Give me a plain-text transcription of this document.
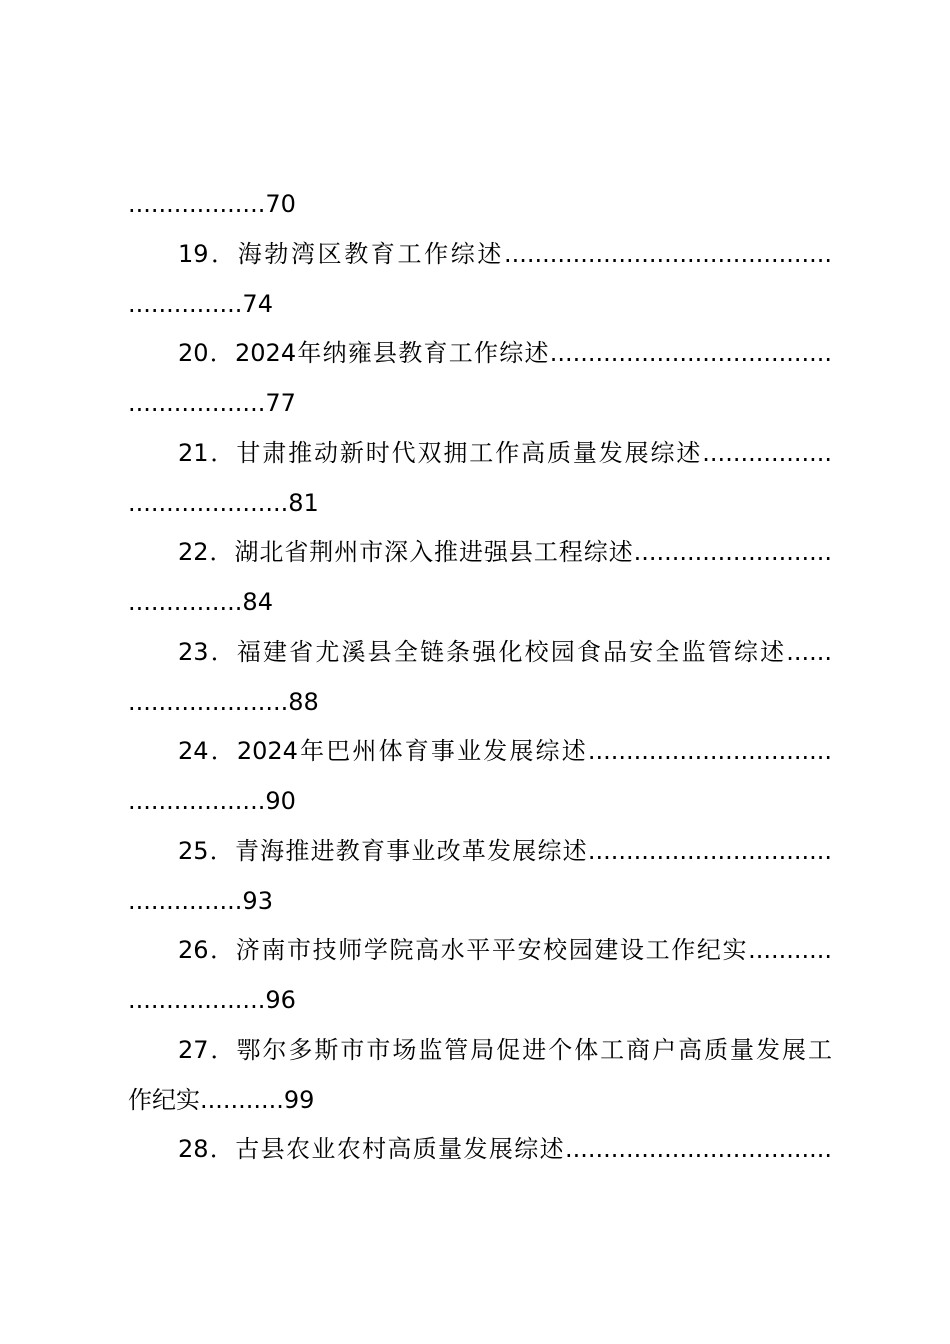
..................70
19．海勃湾区教育工作综述...........................................
...............74
20．2024年纳雍县教育工作综述.....................................
..................77
21．甘肃推动新时代双拥工作高质量发展综述.................
.....................81
22．湖北省荆州市深入推进强县工程综述..........................
...............84
23．福建省尤溪县全链条强化校园食品安全监管综述......
.....................88
24．2024年巴州体育事业发展综述................................
..................90
25．青海推进教育事业改革发展综述................................
...............93
26．济南市技师学院高水平平安校园建设工作纪实...........
..................96
27．鄂尔多斯市市场监管局促进个体工商户高质量发展工
作纪实...........99
28．古县农业农村高质量发展综述...................................
